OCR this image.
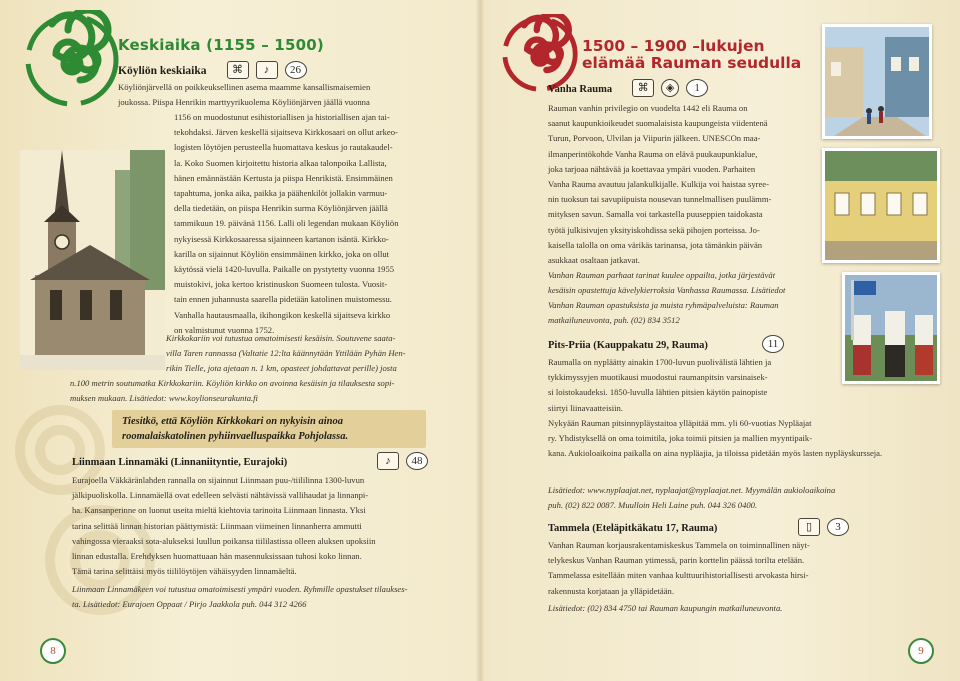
Keskiaika (1155 – 1500)
Köyliön keskiaika ⌘ ♪ 26
Köyliönjärvellä on poikkeuksellinen asema maamme kansallismaisemien
joukossa. Piispa Henrikin marttyyrikuolema Köyliönjärven jäällä vuonna
1156 on muodostunut esihistoriallisen ja historiallisen ajan tai-
tekohdaksi. Järven keskellä sijaitseva Kirkkosaari on ollut arkeo-
logisten löytöjen perusteella huomattava keskus jo rautakaudel-
la. Koko Suomen kirjoitettu historia alkaa talonpoika Lallista,
hänen emännästään Kertusta ja piispa Henrikistä. Ensimmäinen
tapahtuma, jonka aika, paikka ja päähenkilöt jollakin varmuu-
della tiedetään, on piispa Henrikin surma Köyliönjärven jäällä
tammikuun 19. päivänä 1156. Lalli oli legendan mukaan Köyliön
nykyisessä Kirkkosaaressa sijainneen kartanon isäntä. Kirkko-
karilla on sijainnut Köyliön ensimmäinen kirkko, joka on ollut
käytössä vielä 1420-luvulla. Paikalle on pystytetty vuonna 1955
muistokivi, joka kertoo kristinuskon Suomeen tulosta. Vuosit-
tain ennen juhannusta saarella pidetään katolinen muistomessu.
Vanhalla hautausmaalla, ikihongikon keskellä sijaitseva kirkko
on valmistunut vuonna 1752.
Kirkkokariin voi tutustua omatoimisesti kesäisin. Soutuvene saata-
villa Taren rannassa (Valtatie 12:lta käännytään Yttilään Pyhän Hen-
rikin Tielle, jota ajetaan n. 1 km, opasteet johdattavat perille) josta
n.100 metrin soutumatka Kirkkokariin. Köyliön kirkko on avoinna kesäisin ja tilauksesta sopi-
muksen mukaan. Lisätiedot: www.koylionseurakunta.fi

Tiesitkö, että Köyliön Kirkkokari on nykyisin ainoa

roomalaiskatolinen pyhiinvaelluspaikka Pohjolassa.

Liinmaan Linnamäki (Linnaniityntie, Eurajoki)	♪ 48
Eurajoella Väkkäränlahden rannalla on sijainnut Liinmaan puu-/tiililinna 1300-luvun
jälkipuoliskolla. Linnamäellä ovat edelleen selvästi nähtävissä vallihaudat ja linnanpi-
ha. Kansanperinne on luonut useita mieltä kiehtovia tarinoita Liinmaan linnasta. Yksi
tarina selittää linnan historian päättymistä: Liinmaan viimeinen linnanherra ammutti
vahingossa vieraaksi sota-alukseksi luullun poikansa tiililastissa olleen aluksen upoksiin
linnan edustalla. Erehdyksen huomattuaan hän masennuksissaan tuhosi koko linnan.
Tämä tarina selittäisi myös tiililöytöjen vähäisyyden linnamäeltä.
Liinmaan Linnamäkeen voi tutustua omatoimisesti ympäri vuoden. Ryhmille opastukset tilaukses-
ta. Lisätiedot: Eurajoen Oppaat / Pirjo Jaakkola puh. 044 312 4266
8
1500 – 1900 –lukujen
elämää Rauman seudulla
Vanha Rauma ⌘ ◈ 1
Rauman vanhin privilegio on vuodelta 1442 eli Rauma on
saanut kaupunkioikeudet suomalaisista kaupungeista viidentenä
Turun, Porvoon, Ulvilan ja Viipurin jälkeen. UNESCOn maa-
ilmanperintökohde Vanha Rauma on elävä puukaupunkialue,
joka tarjoaa nähtävää ja koettavaa ympäri vuoden. Parhaiten
Vanha Rauma avautuu jalankulkijalle. Kulkija voi haistaa syree-
nin tuoksun tai savupiipuista nousevan tunnelmallisen puulämm-
mityksen savun. Samalla voi tarkastella puuseppien taidokasta
työtä julkisivujen yksityiskohdissa sekä pihojen porteissa. Jo-
kaisella talolla on oma värikäs tarinansa, jota tämänkin päivän
asukkaat osaltaan jatkavat.
Vanhan Rauman parhaat tarinat kuulee oppailta, jotka järjestävät
kesäisin opastettuja kävelykierroksia Vanhassa Raumassa. Lisätiedot
Vanhan Rauman opastuksista ja muista ryhmäpalveluista: Rauman
matkailuneuvonta, puh. (02) 834 3512
Pits-Priia (Kauppakatu 29, Rauma)	11
Raumalla on nypläätty ainakin 1700-luvun puolivälistä lähtien ja
tykkimyssyjen muotikausi muodostui raumanpitsin varsinaisek-
si loistokaudeksi. 1850-luvulla lähtien pitsien käytön painopiste
siirtyi liinavaatteisiin.
Nykyään Rauman pitsinnypläystaitoa ylläpitää mm. yli 60-vuotias Nypläajat
ry. Yhdistyksellä on oma toimitila, joka toimii pitsien ja mallien myyntipaik-
kana. Aukioloaikoina paikalla on aina nypläajia, ja tiloissa pidetään myös lasten nypläyskursseja.
Lisätiedot: www.nyplaajat.net, nyplaajat@nyplaajat.net. Myymälän aukioloaikoina
puh. (02) 822 0087. Muulloin Heli Laine puh. 044 326 0400.
Tammela (Eteläpitkäkatu 17, Rauma)	▯ 3
Vanhan Rauman korjausrakentamiskeskus Tammela on toiminnallinen näyt-
telykeskus Vanhan Rauman ytimessä, parin korttelin päässä torilta etelään.
Tammelassa esitellään miten vanhaa kulttuurihistoriallisesti arvokasta hirsi-
rakennusta korjataan ja ylläpidetään.
Lisätiedot: (02) 834 4750 tai Rauman kaupungin matkailuneuvonta.
9
